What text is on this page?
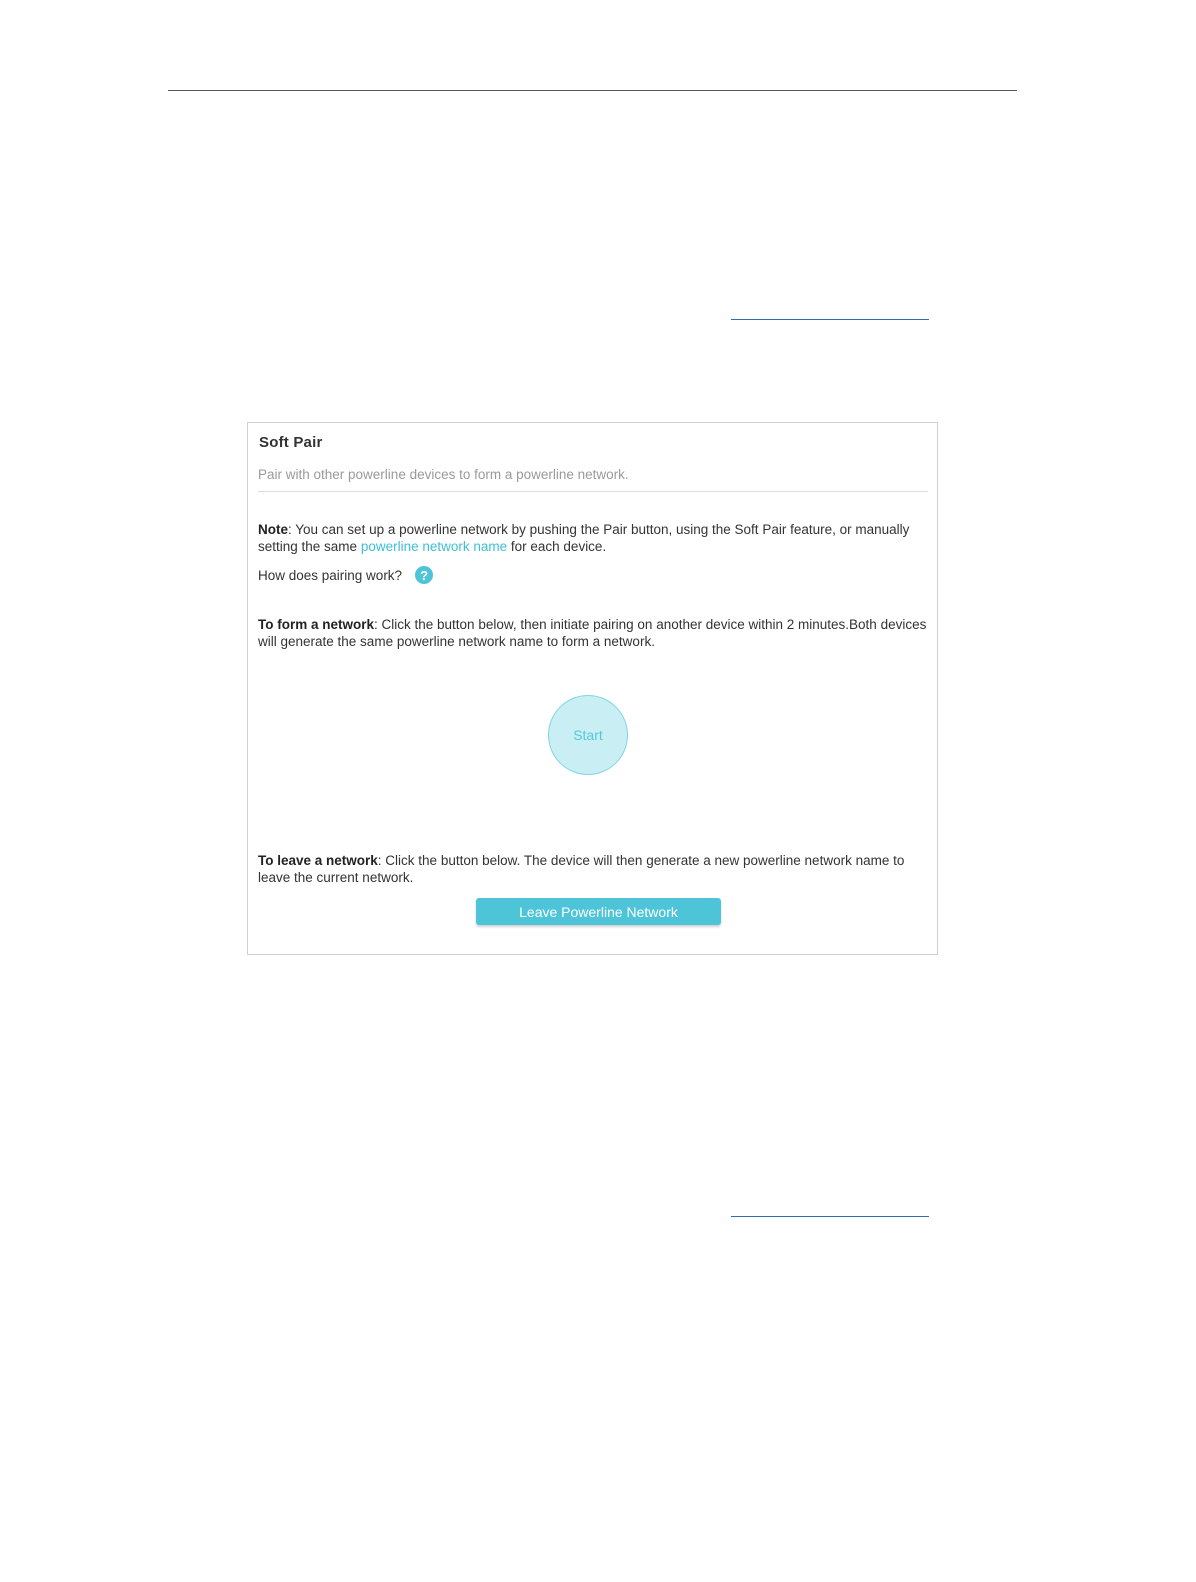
Soft Pair
Pair with other powerline devices to form a powerline network.
Note: You can set up a powerline network by pushing the Pair button, using the Soft Pair feature, or manually setting the same powerline network name for each device.
How does pairing work?	?
To form a network: Click the button below, then initiate pairing on another device within 2 minutes.Both devices will generate the same powerline network name to form a network.
Start
To leave a network: Click the button below. The device will then generate a new powerline network name to leave the current network.
Leave Powerline Network
